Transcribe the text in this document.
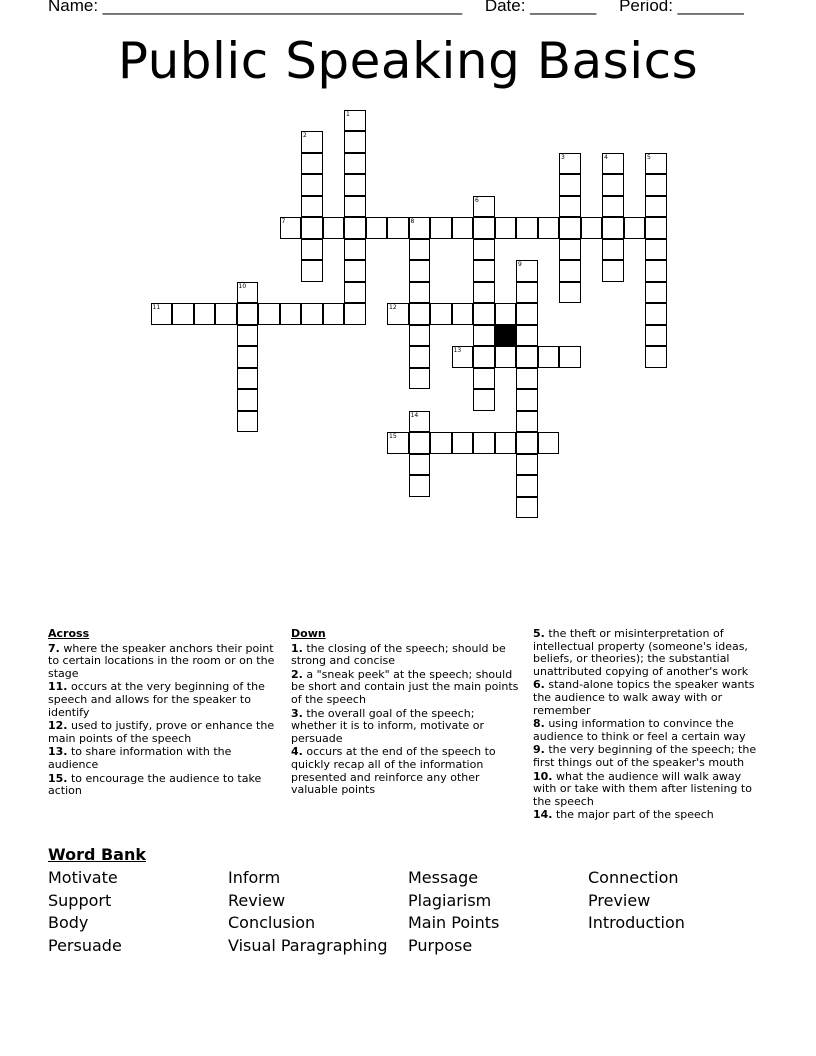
Name: ______________________________________ Date: _______ Period: _______
Public Speaking Basics
1
2
3	4	5
6
7	8
9
10
11	12
13
14
15
Across
7. where the speaker anchors their point to certain locations in the room or on the stage
11. occurs at the very beginning of the speech and allows for the speaker to identify
12. used to justify, prove or enhance the main points of the speech
13. to share information with the audience
15. to encourage the audience to take action
Down
1. the closing of the speech; should be strong and concise
2. a "sneak peek" at the speech; should be short and contain just the main points of the speech
3. the overall goal of the speech; whether it is to inform, motivate or persuade
4. occurs at the end of the speech to quickly recap all of the information presented and reinforce any other valuable points
5. the theft or misinterpretation of intellectual property (someone's ideas, beliefs, or theories); the substantial unattributed copying of another's work
6. stand-alone topics the speaker wants the audience to walk away with or remember
8. using information to convince the audience to think or feel a certain way
9. the very beginning of the speech; the first things out of the speaker's mouth
10. what the audience will walk away with or take with them after listening to the speech
14. the major part of the speech
Word Bank
Motivate
Support
Body
Persuade
Inform
Review
Conclusion
Visual Paragraphing
Message
Plagiarism
Main Points
Purpose
Connection
Preview
Introduction
